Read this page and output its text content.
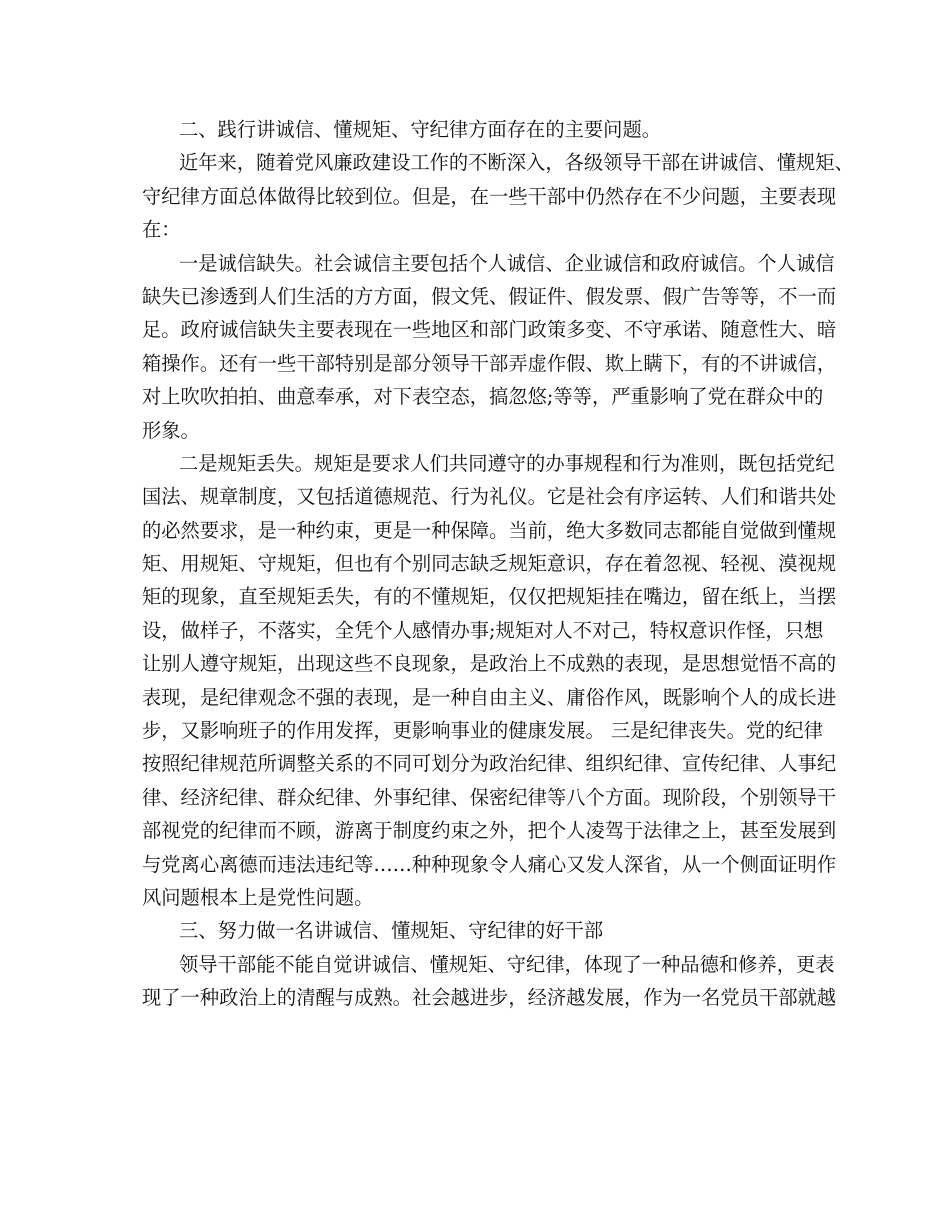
二、践行讲诚信、懂规矩、守纪律方面存在的主要问题。
近年来，随着党风廉政建设工作的不断深入，各级领导干部在讲诚信、懂规矩、
守纪律方面总体做得比较到位。但是，在一些干部中仍然存在不少问题，主要表现
在：
一是诚信缺失。社会诚信主要包括个人诚信、企业诚信和政府诚信。个人诚信
缺失已渗透到人们生活的方方面，假文凭、假证件、假发票、假广告等等，不一而
足。政府诚信缺失主要表现在一些地区和部门政策多变、不守承诺、随意性大、暗
箱操作。还有一些干部特别是部分领导干部弄虚作假、欺上瞒下，有的不讲诚信，
对上吹吹拍拍、曲意奉承，对下表空态，搞忽悠;等等，严重影响了党在群众中的
形象。
二是规矩丢失。规矩是要求人们共同遵守的办事规程和行为准则，既包括党纪
国法、规章制度，又包括道德规范、行为礼仪。它是社会有序运转、人们和谐共处
的必然要求，是一种约束，更是一种保障。当前，绝大多数同志都能自觉做到懂规
矩、用规矩、守规矩，但也有个别同志缺乏规矩意识，存在着忽视、轻视、漠视规
矩的现象，直至规矩丢失，有的不懂规矩，仅仅把规矩挂在嘴边，留在纸上，当摆
设，做样子，不落实，全凭个人感情办事;规矩对人不对己，特权意识作怪，只想
让别人遵守规矩，出现这些不良现象，是政治上不成熟的表现，是思想觉悟不高的
表现，是纪律观念不强的表现，是一种自由主义、庸俗作风，既影响个人的成长进
步，又影响班子的作用发挥，更影响事业的健康发展。 三是纪律丧失。党的纪律
按照纪律规范所调整关系的不同可划分为政治纪律、组织纪律、宣传纪律、人事纪
律、经济纪律、群众纪律、外事纪律、保密纪律等八个方面。现阶段，个别领导干
部视党的纪律而不顾，游离于制度约束之外，把个人凌驾于法律之上，甚至发展到
与党离心离德而违法违纪等……种种现象令人痛心又发人深省，从一个侧面证明作
风问题根本上是党性问题。
三、努力做一名讲诚信、懂规矩、守纪律的好干部
领导干部能不能自觉讲诚信、懂规矩、守纪律，体现了一种品德和修养，更表
现了一种政治上的清醒与成熟。社会越进步，经济越发展，作为一名党员干部就越
